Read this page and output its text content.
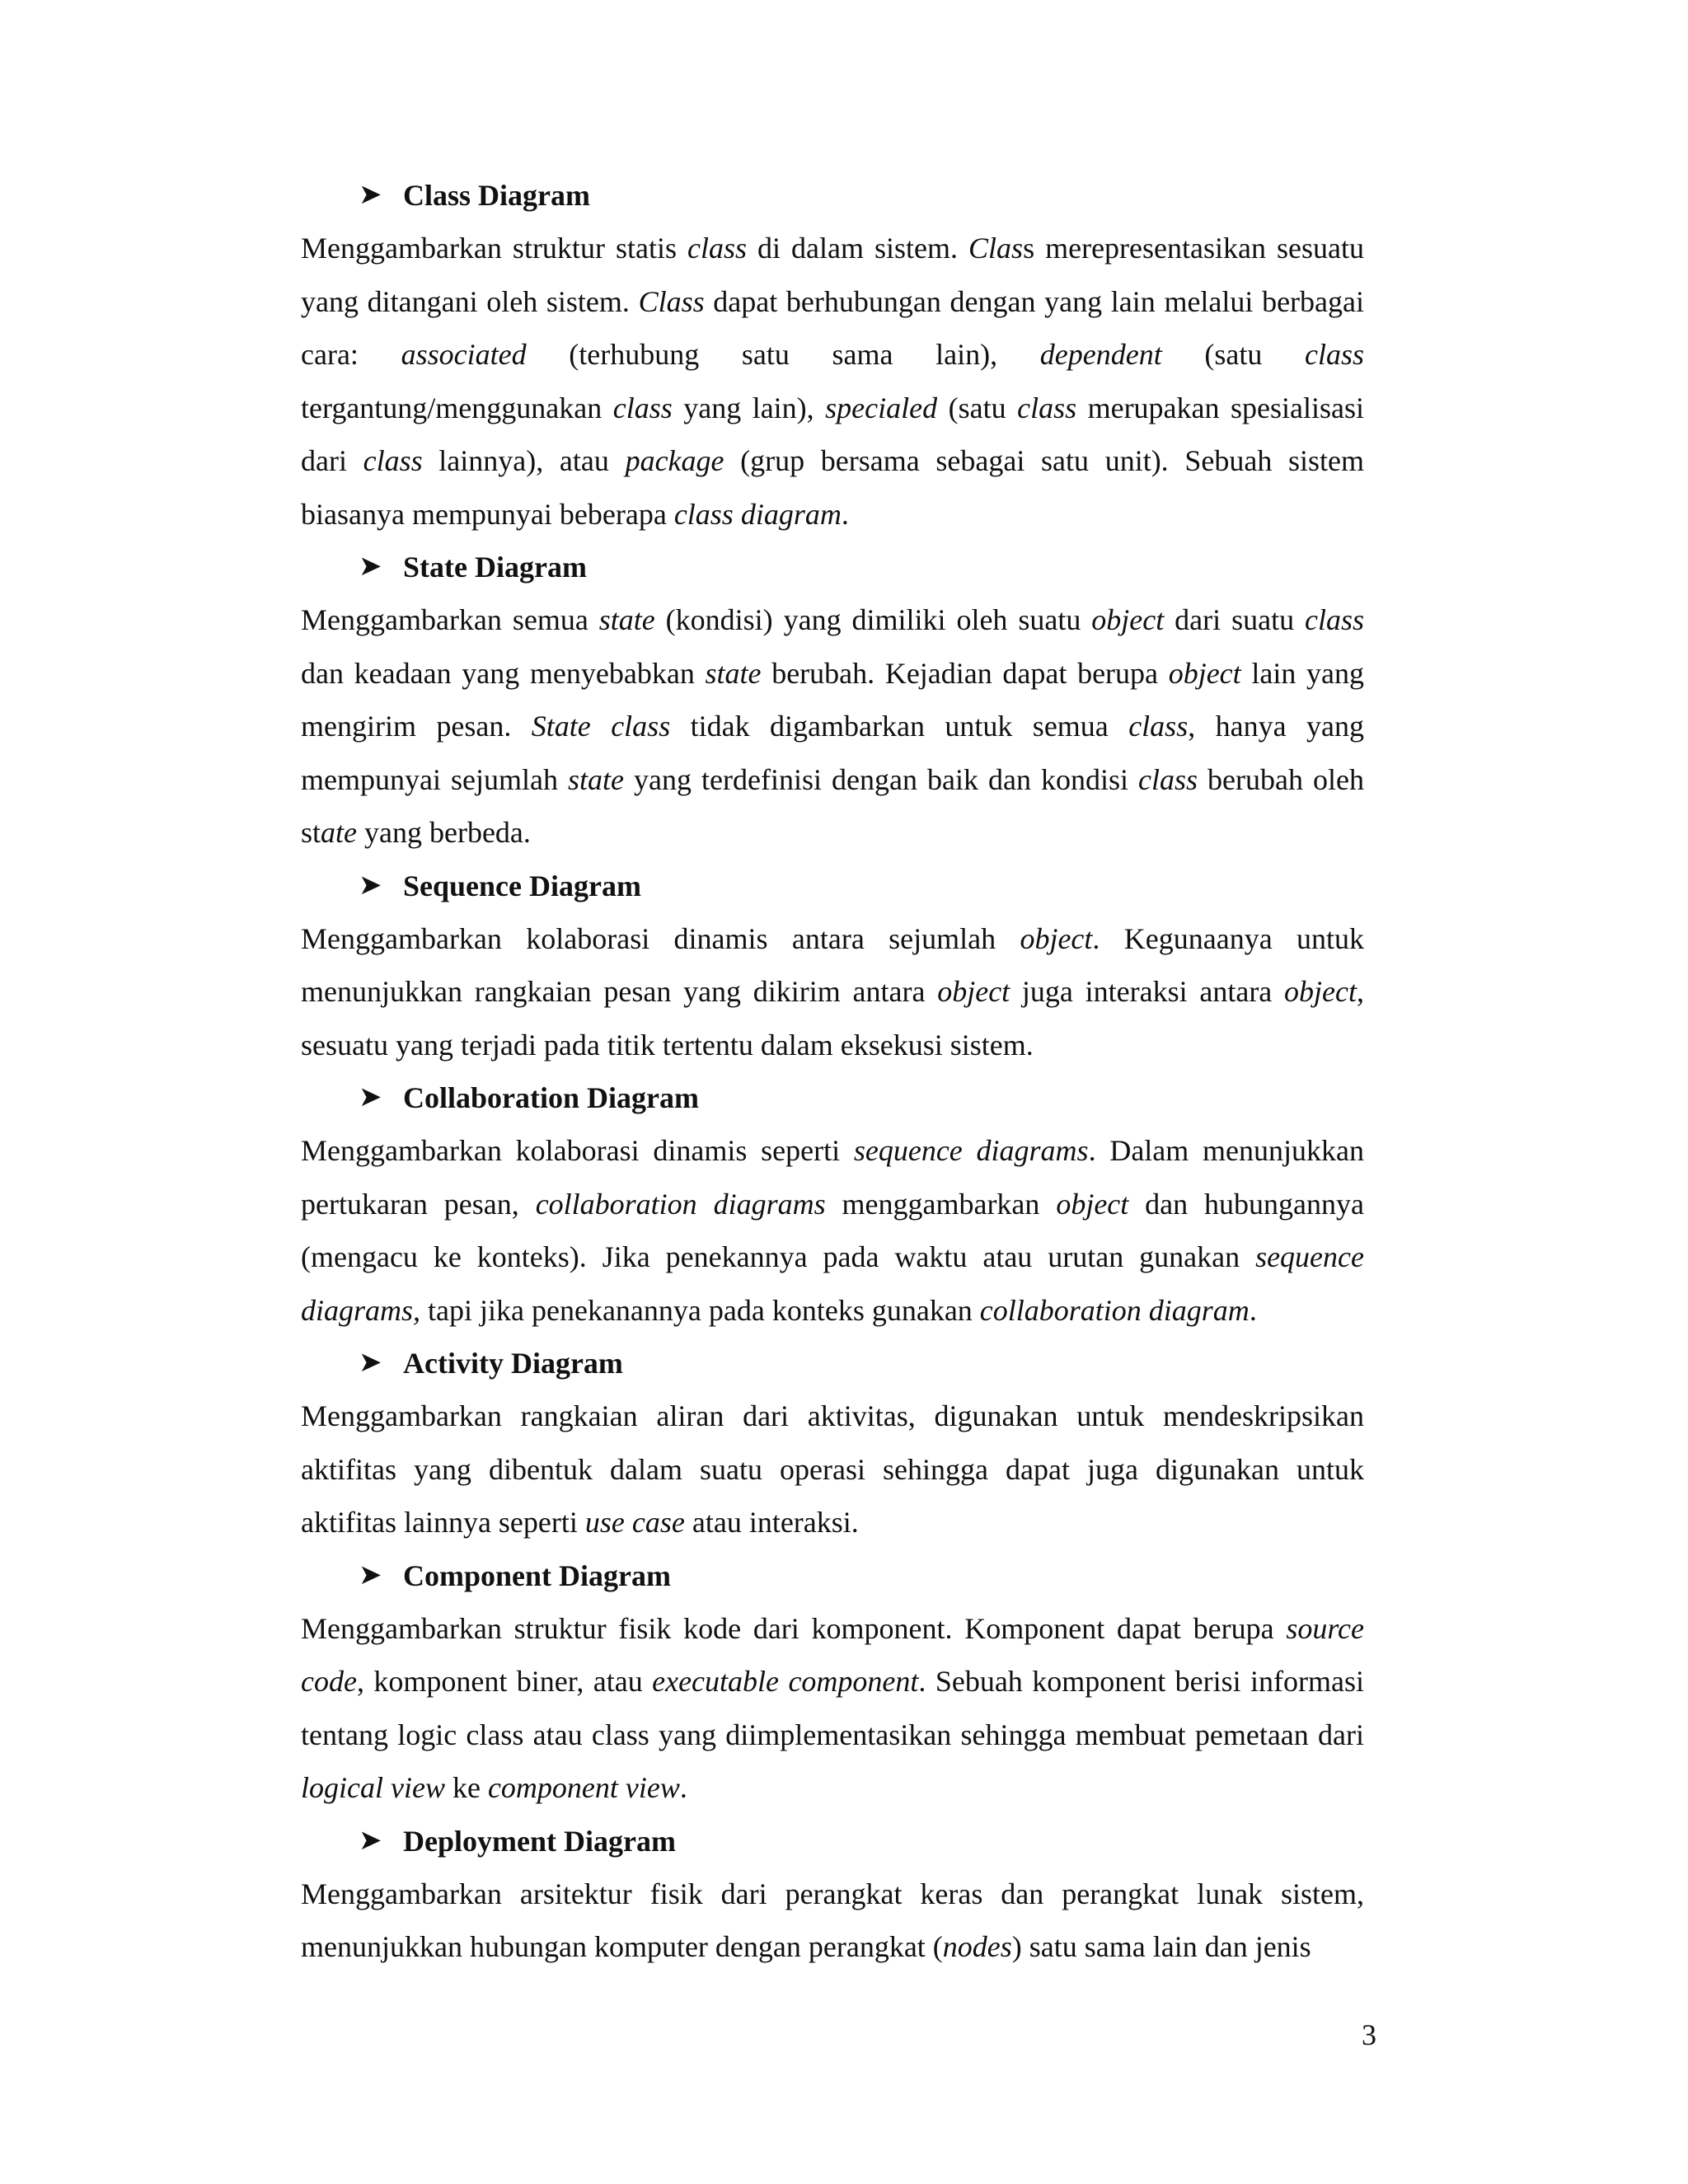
➤ Class Diagram

Menggambarkan struktur statis class di dalam sistem. Class merepresentasikan sesuatu yang ditangani oleh sistem. Class dapat berhubungan dengan yang lain melalui berbagai cara: associated (terhubung satu sama lain), dependent (satu class tergantung/menggunakan class yang lain), specialed (satu class merupakan spesialisasi dari class lainnya), atau package (grup bersama sebagai satu unit). Sebuah sistem biasanya mempunyai beberapa class diagram.

➤ State Diagram

Menggambarkan semua state (kondisi) yang dimiliki oleh suatu object dari suatu class dan keadaan yang menyebabkan state berubah. Kejadian dapat berupa object lain yang mengirim pesan. State class tidak digambarkan untuk semua class, hanya yang mempunyai sejumlah state yang terdefinisi dengan baik dan kondisi class berubah oleh state yang berbeda.

➤ Sequence Diagram

Menggambarkan kolaborasi dinamis antara sejumlah object. Kegunaanya untuk menunjukkan rangkaian pesan yang dikirim antara object juga interaksi antara object, sesuatu yang terjadi pada titik tertentu dalam eksekusi sistem.

➤ Collaboration Diagram

Menggambarkan kolaborasi dinamis seperti sequence diagrams. Dalam menunjukkan pertukaran pesan, collaboration diagrams menggambarkan object dan hubungannya (mengacu ke konteks). Jika penekannya pada waktu atau urutan gunakan sequence diagrams, tapi jika penekanannya pada konteks gunakan collaboration diagram.

➤ Activity Diagram

Menggambarkan rangkaian aliran dari aktivitas, digunakan untuk mendeskripsikan aktifitas yang dibentuk dalam suatu operasi sehingga dapat juga digunakan untuk aktifitas lainnya seperti use case atau interaksi.

➤ Component Diagram

Menggambarkan struktur fisik kode dari komponent. Komponent dapat berupa source code, komponent biner, atau executable component. Sebuah komponent berisi informasi tentang logic class atau class yang diimplementasikan sehingga membuat pemetaan dari logical view ke component view.

➤ Deployment Diagram

Menggambarkan arsitektur fisik dari perangkat keras dan perangkat lunak sistem, menunjukkan hubungan komputer dengan perangkat (nodes) satu sama lain dan jenis

3
